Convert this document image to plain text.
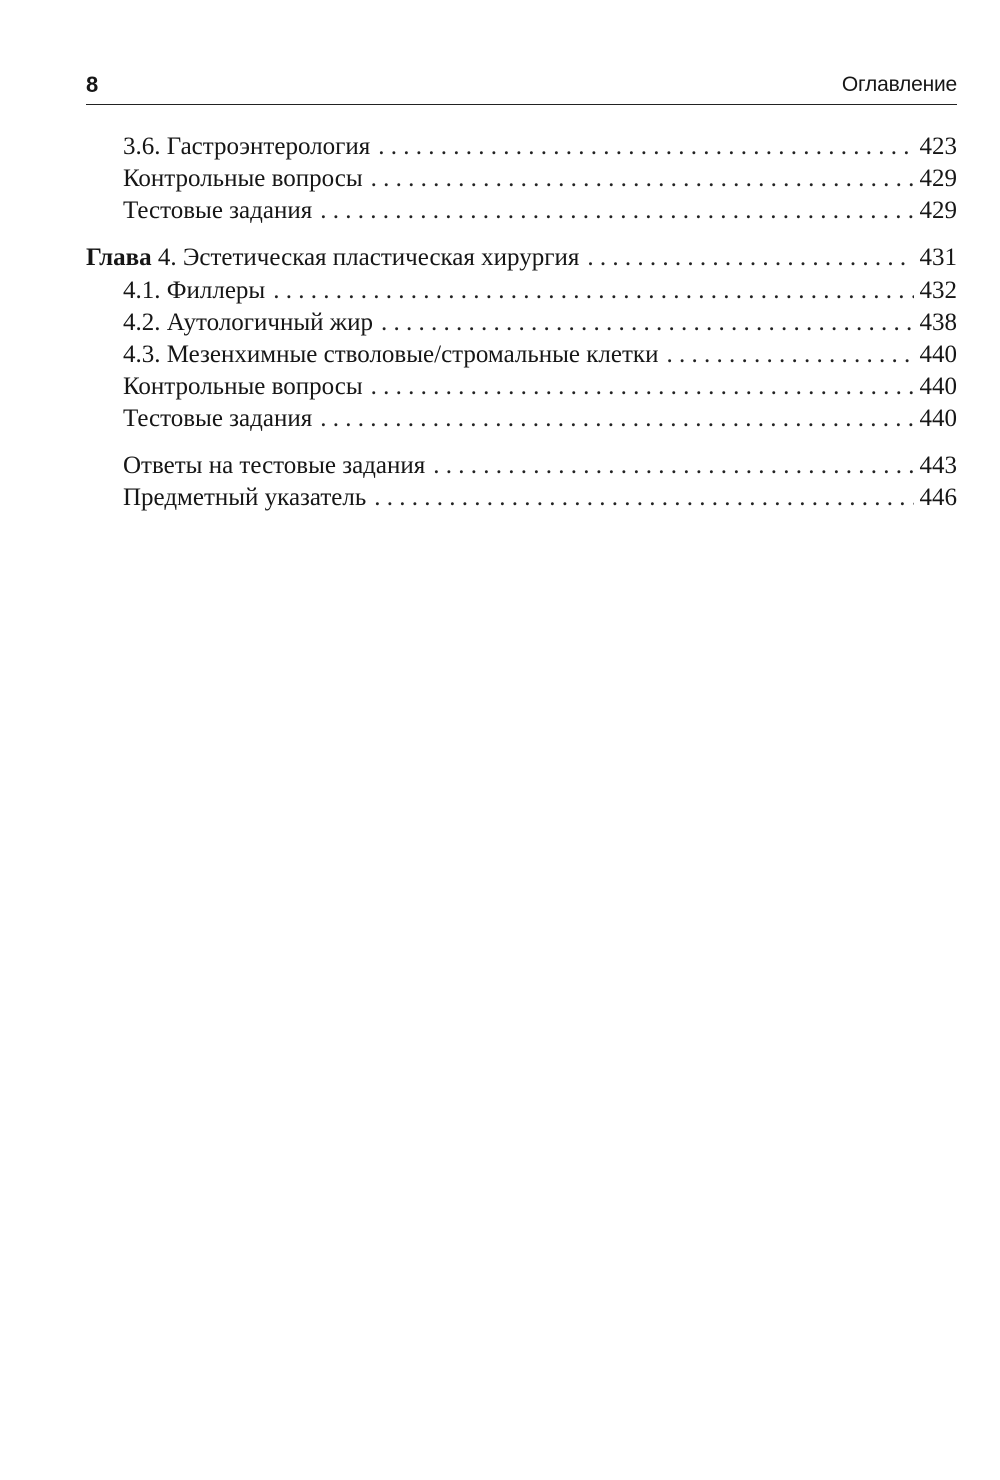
8	Оглавление
3.6. Гастроэнтерология . . .	423
Контрольные вопросы . . .	429
Тестовые задания . . .	429
Глава 4. Эстетическая пластическая хирургия . . .	431
4.1. Филлеры . . .	432
4.2. Аутологичный жир . . .	438
4.3. Мезенхимные стволовые/стромальные клетки . . .	440
Контрольные вопросы . . .	440
Тестовые задания . . .	440
Ответы на тестовые задания . . .	443
Предметный указатель . . .	446
